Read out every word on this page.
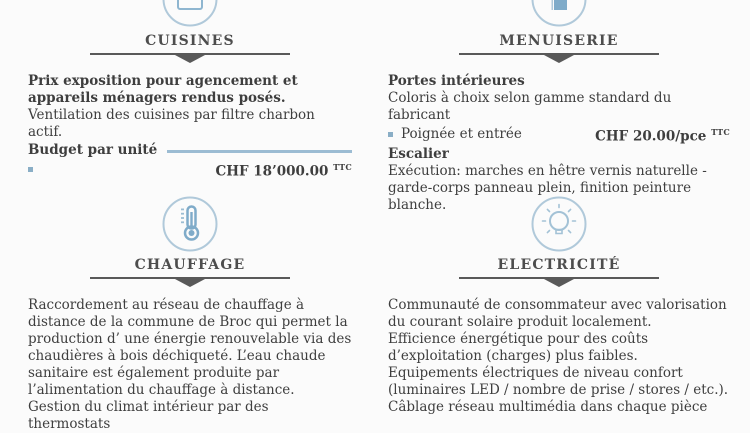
CUISINES

Prix exposition pour agencement et appareils ménagers rendus posés. Ventilation des cuisines par filtre charbon actif.

Budget par unité
CHF 18’000.00 $^{TTC}$
MENUISERIE

Portes intérieures

Coloris à choix selon gamme standard du fabricant

Poignée et entrée	CHF 20.00/pce $^{TTC}$

Escalier

Exécution: marches en hêtre vernis naturelle - garde-corps panneau plein, finition peinture blanche.

CHAUFFAGE

Raccordement au réseau de chauffage à distance de la commune de Broc qui permet la production d’ une énergie renouvelable via des chaudières à bois déchiqueté. L’eau chaude sanitaire est également produite par l’alimentation du chauffage à distance.

Gestion du climat intérieur par des thermostats

ELECTRICITÉ

Communauté de consommateur avec valorisation du courant solaire produit localement.

Efficience énergétique pour des coûts d’exploitation (charges) plus faibles.

Equipements électriques de niveau confort (luminaires LED / nombre de prise / stores / etc.).

Câblage réseau multimédia dans chaque pièce
